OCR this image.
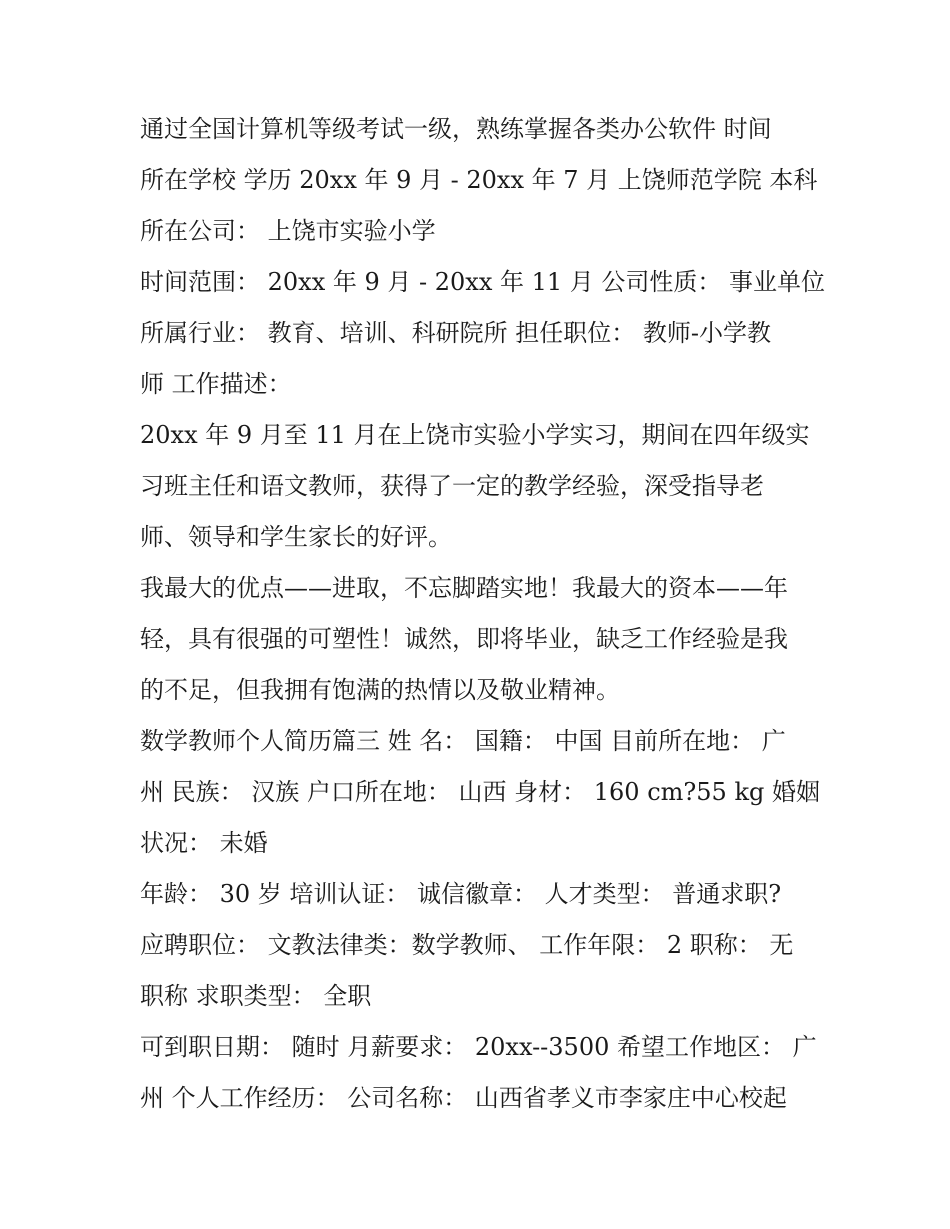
通过全国计算机等级考试一级，熟练掌握各类办公软件 时间
所在学校 学历 20xx 年 9 月 - 20xx 年 7 月 上饶师范学院 本科
所在公司： 上饶市实验小学
时间范围： 20xx 年 9 月 - 20xx 年 11 月 公司性质： 事业单位
所属行业： 教育、培训、科研院所 担任职位： 教师-小学教
师 工作描述：
20xx 年 9 月至 11 月在上饶市实验小学实习，期间在四年级实
习班主任和语文教师，获得了一定的教学经验，深受指导老
师、领导和学生家长的好评。
我最大的优点——进取，不忘脚踏实地！我最大的资本——年
轻，具有很强的可塑性！诚然，即将毕业，缺乏工作经验是我
的不足，但我拥有饱满的热情以及敬业精神。
数学教师个人简历篇三 姓 名： 国籍： 中国 目前所在地： 广
州 民族： 汉族 户口所在地： 山西 身材： 160 cm?55 kg 婚姻
状况： 未婚
年龄： 30 岁 培训认证： 诚信徽章： 人才类型： 普通求职?
应聘职位： 文教法律类：数学教师、 工作年限： 2 职称： 无
职称 求职类型： 全职
可到职日期： 随时 月薪要求： 20xx--3500 希望工作地区： 广
州 个人工作经历： 公司名称： 山西省孝义市李家庄中心校起
